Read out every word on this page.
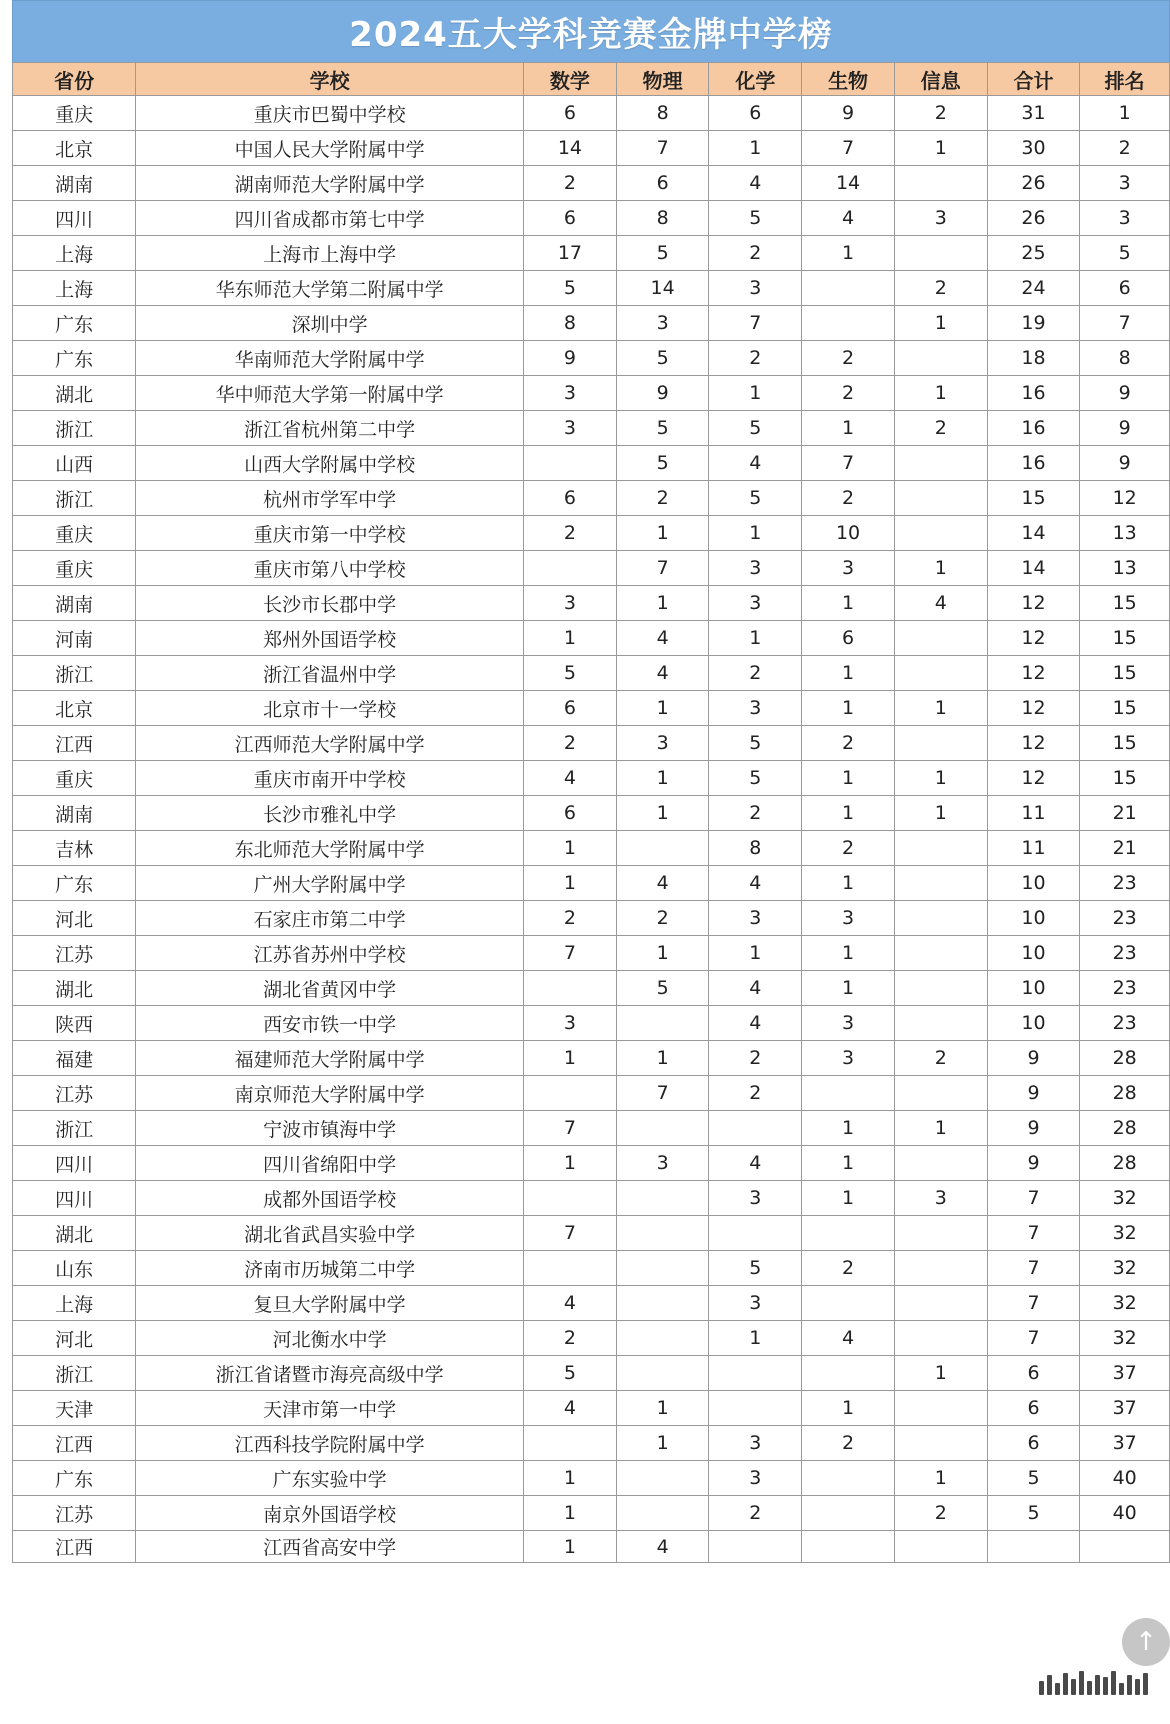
2024五大学科竞赛金牌中学榜
省份	学校	数学	物理	化学	生物	信息	合计	排名
重庆	重庆市巴蜀中学校	6	8	6	9	2	31	1
北京	中国人民大学附属中学	14	7	1	7	1	30	2
湖南	湖南师范大学附属中学	2	6	4	14		26	3
四川	四川省成都市第七中学	6	8	5	4	3	26	3
上海	上海市上海中学	17	5	2	1		25	5
上海	华东师范大学第二附属中学	5	14	3		2	24	6
广东	深圳中学	8	3	7		1	19	7
广东	华南师范大学附属中学	9	5	2	2		18	8
湖北	华中师范大学第一附属中学	3	9	1	2	1	16	9
浙江	浙江省杭州第二中学	3	5	5	1	2	16	9
山西	山西大学附属中学校		5	4	7		16	9
浙江	杭州市学军中学	6	2	5	2		15	12
重庆	重庆市第一中学校	2	1	1	10		14	13
重庆	重庆市第八中学校		7	3	3	1	14	13
湖南	长沙市长郡中学	3	1	3	1	4	12	15
河南	郑州外国语学校	1	4	1	6		12	15
浙江	浙江省温州中学	5	4	2	1		12	15
北京	北京市十一学校	6	1	3	1	1	12	15
江西	江西师范大学附属中学	2	3	5	2		12	15
重庆	重庆市南开中学校	4	1	5	1	1	12	15
湖南	长沙市雅礼中学	6	1	2	1	1	11	21
吉林	东北师范大学附属中学	1		8	2		11	21
广东	广州大学附属中学	1	4	4	1		10	23
河北	石家庄市第二中学	2	2	3	3		10	23
江苏	江苏省苏州中学校	7	1	1	1		10	23
湖北	湖北省黄冈中学		5	4	1		10	23
陕西	西安市铁一中学	3		4	3		10	23
福建	福建师范大学附属中学	1	1	2	3	2	9	28
江苏	南京师范大学附属中学		7	2			9	28
浙江	宁波市镇海中学	7			1	1	9	28
四川	四川省绵阳中学	1	3	4	1		9	28
四川	成都外国语学校			3	1	3	7	32
湖北	湖北省武昌实验中学	7					7	32
山东	济南市历城第二中学			5	2		7	32
上海	复旦大学附属中学	4		3			7	32
河北	河北衡水中学	2		1	4		7	32
浙江	浙江省诸暨市海亮高级中学	5				1	6	37
天津	天津市第一中学	4	1		1		6	37
江西	江西科技学院附属中学		1	3	2		6	37
广东	广东实验中学	1		3		1	5	40
江苏	南京外国语学校	1		2		2	5	40
江西	江西省高安中学	1	4					
↑
